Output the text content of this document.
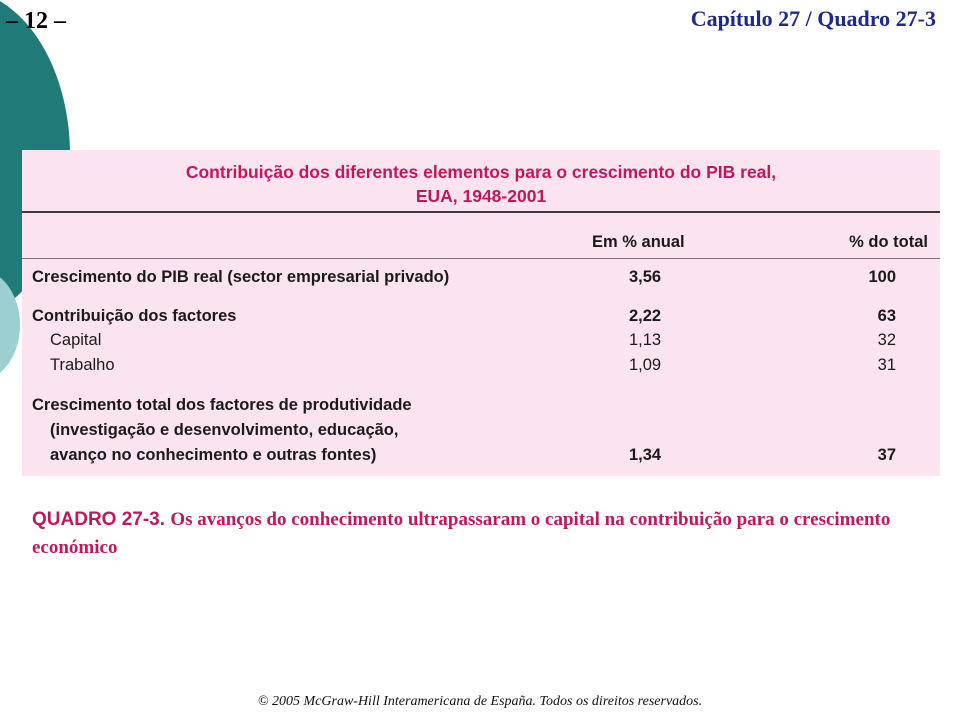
– 12 –	Capítulo 27 / Quadro 27-3
Contribuição dos diferentes elementos para o crescimento do PIB real,
EUA, 1948-2001
Em % anual	% do total
Crescimento do PIB real (sector empresarial privado)	3,56	100
Contribuição dos factores	2,22	63
Capital	1,13	32
Trabalho	1,09	31
Crescimento total dos factores de produtividade
(investigação e desenvolvimento, educação,
avanço no conhecimento e outras fontes)	1,34	37
QUADRO 27-3. Os avanços do conhecimento ultrapassaram o capital na contribuição para o crescimento económico
© 2005 McGraw-Hill Interamericana de España. Todos os direitos reservados.
